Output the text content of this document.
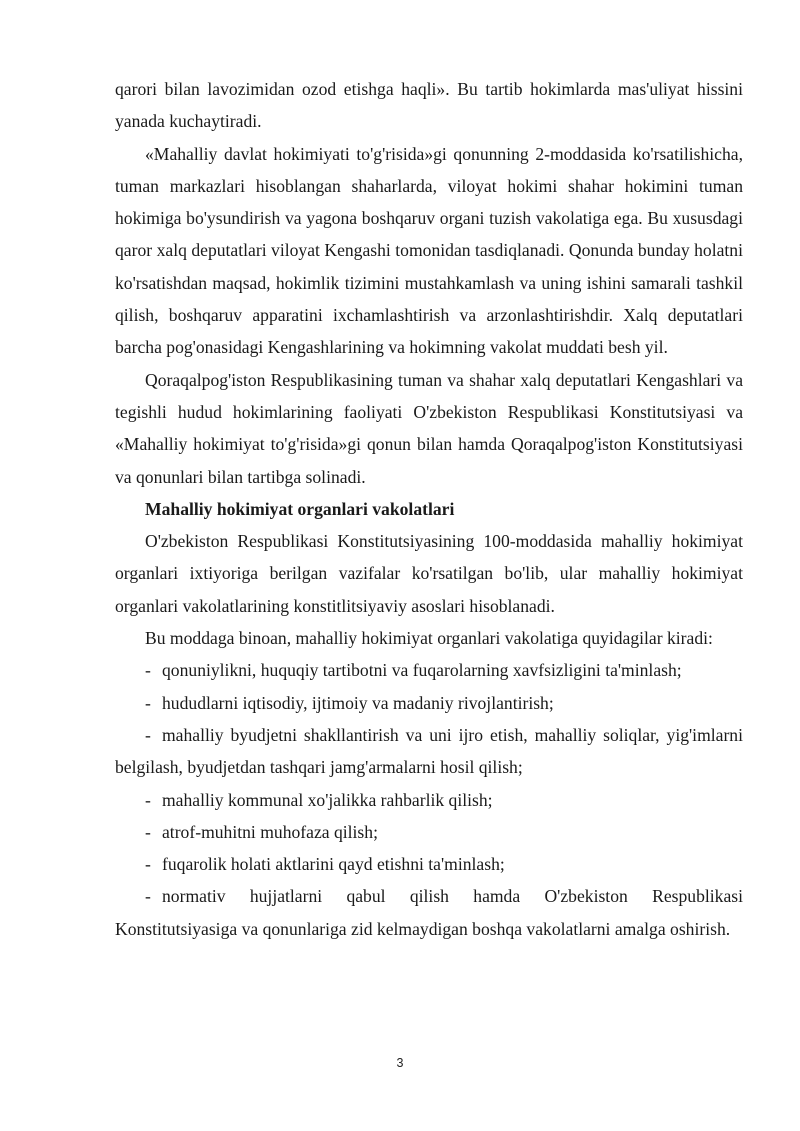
qarori bilan lavozimidan ozod etishga haqli». Bu tartib hokimlarda mas'uliyat hissini yanada kuchaytiradi.

«Mahalliy davlat hokimiyati to'g'risida»gi qonunning 2-moddasida ko'rsatilishicha, tuman markazlari hisoblangan shaharlarda, viloyat hokimi shahar hokimini tuman hokimiga bo'ysundirish va yagona boshqaruv organi tuzish vakolatiga ega. Bu xususdagi qaror xalq deputatlari viloyat Kengashi tomonidan tasdiqlanadi. Qonunda bunday holatni ko'rsatishdan maqsad, hokimlik tizimini mustahkamlash va uning ishini samarali tashkil qilish, boshqaruv apparatini ixchamlashtirish va arzonlashtirishdir. Xalq deputatlari barcha pog'onasidagi Kengashlarining va hokimning vakolat muddati besh yil.

Qoraqalpog'iston Respublikasining tuman va shahar xalq deputatlari Kengashlari va tegishli hudud hokimlarining faoliyati O'zbekiston Respublikasi Konstitutsiyasi va «Mahalliy hokimiyat to'g'risida»gi qonun bilan hamda Qoraqalpog'iston Konstitutsiyasi va qonunlari bilan tartibga solinadi.

Mahalliy hokimiyat organlari vakolatlari

O'zbekiston Respublikasi Konstitutsiyasining 100-moddasida mahalliy hokimiyat organlari ixtiyoriga berilgan vazifalar ko'rsatilgan bo'lib, ular mahalliy hokimiyat organlari vakolatlarining konstitlitsiyaviy asoslari hisoblanadi.

Bu moddaga binoan, mahalliy hokimiyat organlari vakolatiga quyidagilar kiradi:

- qonuniylikni, huquqiy tartibotni va fuqarolarning xavfsizligini ta'minlash;

- hududlarni iqtisodiy, ijtimoiy va madaniy rivojlantirish;

- mahalliy byudjetni shakllantirish va uni ijro etish, mahalliy soliqlar, yig'imlarni belgilash, byudjetdan tashqari jamg'armalarni hosil qilish;

- mahalliy kommunal xo'jalikka rahbarlik qilish;

- atrof-muhitni muhofaza qilish;

- fuqarolik holati aktlarini qayd etishni ta'minlash;

- normativ hujjatlarni qabul qilish hamda O'zbekiston Respublikasi Konstitutsiyasiga va qonunlariga zid kelmaydigan boshqa vakolatlarni amalga oshirish.

3
